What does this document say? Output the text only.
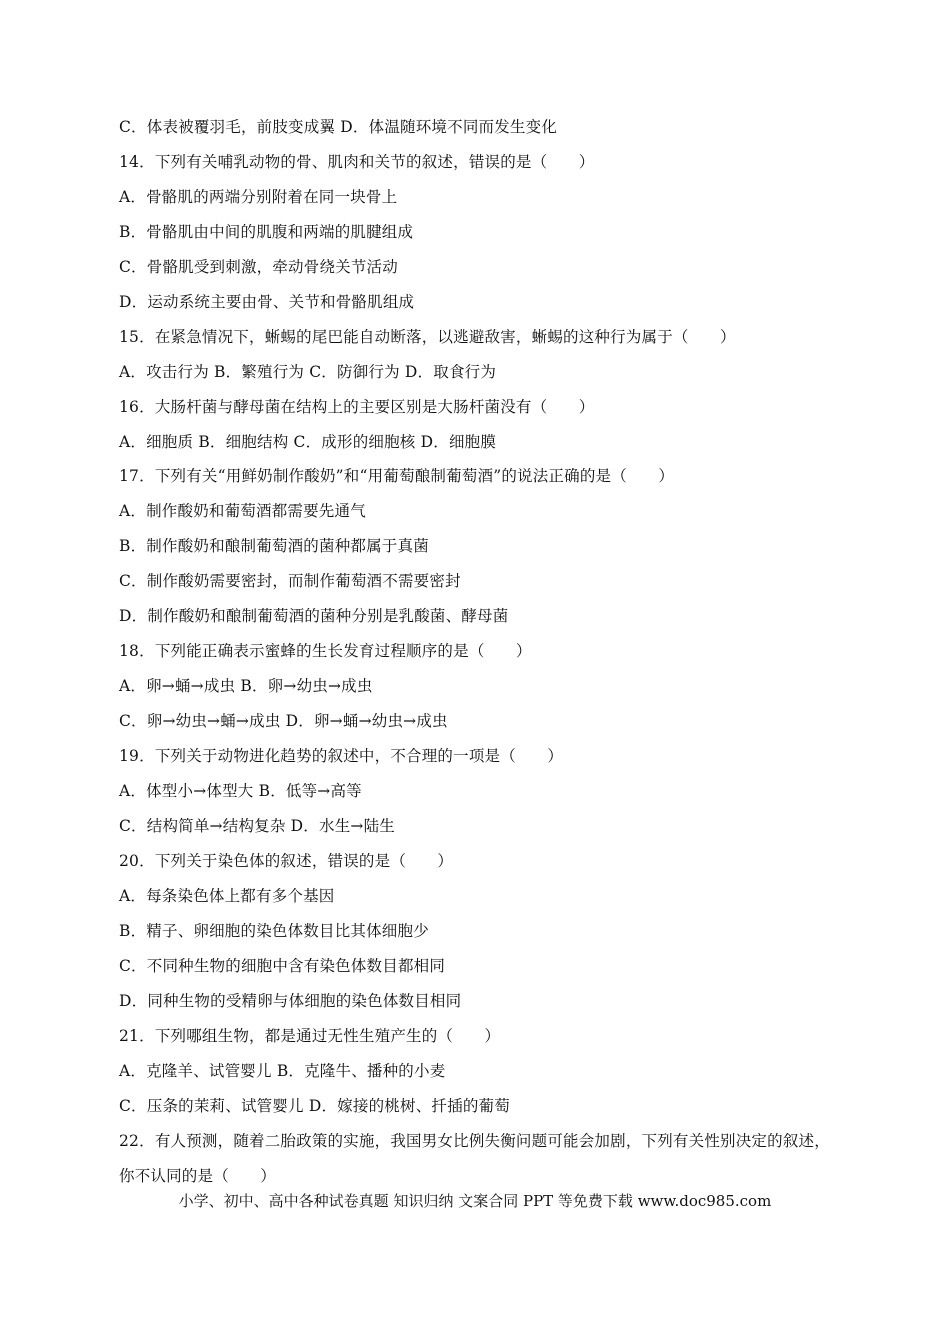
C．体表被覆羽毛，前肢变成翼 D．体温随环境不同而发生变化
14．下列有关哺乳动物的骨、肌肉和关节的叙述，错误的是（　　）
A．骨骼肌的两端分别附着在同一块骨上
B．骨骼肌由中间的肌腹和两端的肌腱组成
C．骨骼肌受到刺激，牵动骨绕关节活动
D．运动系统主要由骨、关节和骨骼肌组成
15．在紧急情况下，蜥蜴的尾巴能自动断落，以逃避敌害，蜥蜴的这种行为属于（　　）
A．攻击行为 B．繁殖行为 C．防御行为 D．取食行为
16．大肠杆菌与酵母菌在结构上的主要区别是大肠杆菌没有（　　）
A．细胞质 B．细胞结构 C．成形的细胞核 D．细胞膜
17．下列有关“用鲜奶制作酸奶”和“用葡萄酿制葡萄酒”的说法正确的是（　　）
A．制作酸奶和葡萄酒都需要先通气
B．制作酸奶和酿制葡萄酒的菌种都属于真菌
C．制作酸奶需要密封，而制作葡萄酒不需要密封
D．制作酸奶和酿制葡萄酒的菌种分别是乳酸菌、酵母菌
18．下列能正确表示蜜蜂的生长发育过程顺序的是（　　）
A．卵→蛹→成虫 B．卵→幼虫→成虫
C．卵→幼虫→蛹→成虫 D．卵→蛹→幼虫→成虫
19．下列关于动物进化趋势的叙述中，不合理的一项是（　　）
A．体型小→体型大 B．低等→高等
C．结构简单→结构复杂 D．水生→陆生
20．下列关于染色体的叙述，错误的是（　　）
A．每条染色体上都有多个基因
B．精子、卵细胞的染色体数目比其体细胞少
C．不同种生物的细胞中含有染色体数目都相同
D．同种生物的受精卵与体细胞的染色体数目相同
21．下列哪组生物，都是通过无性生殖产生的（　　）
A．克隆羊、试管婴儿 B．克隆牛、播种的小麦
C．压条的茉莉、试管婴儿 D．嫁接的桃树、扦插的葡萄
22．有人预测，随着二胎政策的实施，我国男女比例失衡问题可能会加剧，下列有关性别决定的叙述，
你不认同的是（　　）
小学、初中、高中各种试卷真题 知识归纳 文案合同 PPT 等免费下载 www.doc985.com
